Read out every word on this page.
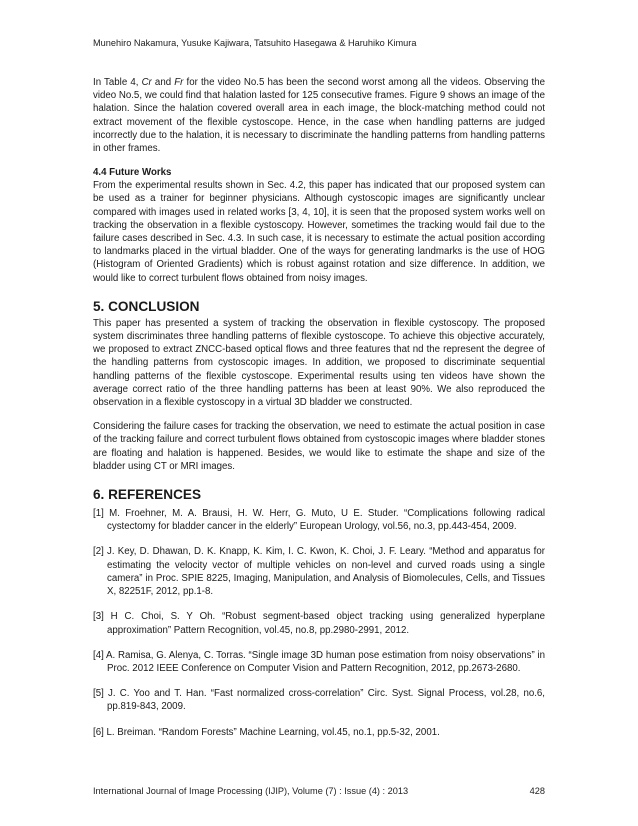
Munehiro Nakamura, Yusuke Kajiwara, Tatsuhito Hasegawa & Haruhiko Kimura

In Table 4, Cr and Fr for the video No.5 has been the second worst among all the videos. Observing the video No.5, we could find that halation lasted for 125 consecutive frames. Figure 9 shows an image of the halation. Since the halation covered overall area in each image, the block-matching method could not extract movement of the flexible cystoscope. Hence, in the case when handling patterns are judged incorrectly due to the halation, it is necessary to discriminate the handling patterns from handling patterns in other frames.

4.4 Future Works

From the experimental results shown in Sec. 4.2, this paper has indicated that our proposed system can be used as a trainer for beginner physicians. Although cystoscopic images are significantly unclear compared with images used in related works [3, 4, 10], it is seen that the proposed system works well on tracking the observation in a flexible cystoscopy. However, sometimes the tracking would fail due to the failure cases described in Sec. 4.3. In such case, it is necessary to estimate the actual position according to landmarks placed in the virtual bladder. One of the ways for generating landmarks is the use of HOG (Histogram of Oriented Gradients) which is robust against rotation and size difference. In addition, we would like to correct turbulent flows obtained from noisy images.

5. CONCLUSION

This paper has presented a system of tracking the observation in flexible cystoscopy. The proposed system discriminates three handling patterns of flexible cystoscope. To achieve this objective accurately, we proposed to extract ZNCC-based optical flows and three features that nd the represent the degree of the handling patterns from cystoscopic images. In addition, we proposed to discriminate sequential handling patterns of the flexible cystoscope. Experimental results using ten videos have shown the average correct ratio of the three handling patterns has been at least 90%. We also reproduced the observation in a flexible cystoscopy in a virtual 3D bladder we constructed.

Considering the failure cases for tracking the observation, we need to estimate the actual position in case of the tracking failure and correct turbulent flows obtained from cystoscopic images where bladder stones are floating and halation is happened. Besides, we would like to estimate the shape and size of the bladder using CT or MRI images.

6. REFERENCES
[1] M. Froehner, M. A. Brausi, H. W. Herr, G. Muto, U E. Studer. “Complications following radical cystectomy for bladder cancer in the elderly” European Urology, vol.56, no.3, pp.443-454, 2009.
[2] J. Key, D. Dhawan, D. K. Knapp, K. Kim, I. C. Kwon, K. Choi, J. F. Leary. “Method and apparatus for estimating the velocity vector of multiple vehicles on non-level and curved roads using a single camera” in Proc. SPIE 8225, Imaging, Manipulation, and Analysis of Biomolecules, Cells, and Tissues X, 82251F, 2012, pp.1-8.
[3] H C. Choi, S. Y Oh. “Robust segment-based object tracking using generalized hyperplane approximation” Pattern Recognition, vol.45, no.8, pp.2980-2991, 2012.
[4] A. Ramisa, G. Alenya, C. Torras. “Single image 3D human pose estimation from noisy observations” in Proc. 2012 IEEE Conference on Computer Vision and Pattern Recognition, 2012, pp.2673-2680.
[5] J. C. Yoo and T. Han. “Fast normalized cross-correlation” Circ. Syst. Signal Process, vol.28, no.6, pp.819-843, 2009.
[6] L. Breiman. “Random Forests” Machine Learning, vol.45, no.1, pp.5-32, 2001.
International Journal of Image Processing (IJIP), Volume (7) : Issue (4) : 2013	428
